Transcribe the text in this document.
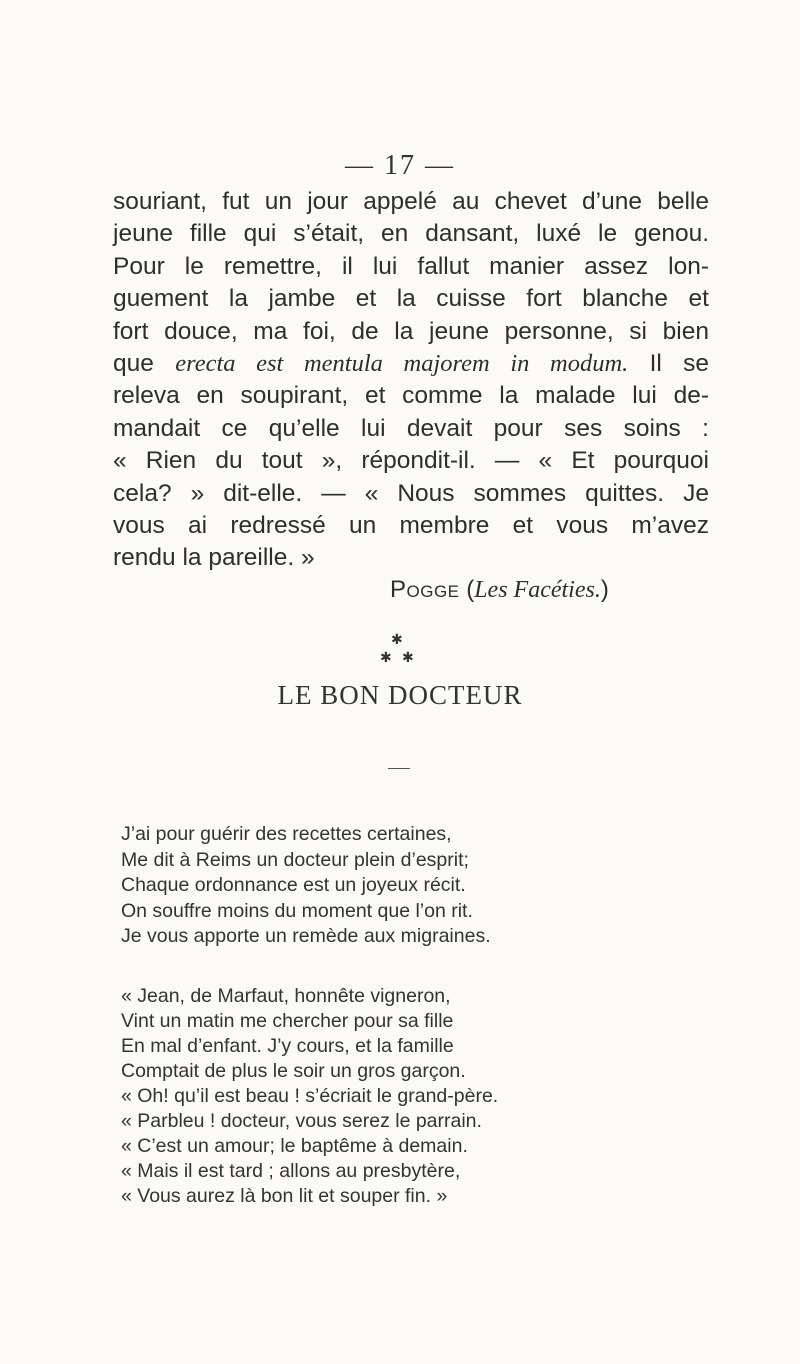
— 17 —
souriant, fut un jour appelé au chevet d’une belle
jeune fille qui s’était, en dansant, luxé le genou.
Pour le remettre, il lui fallut manier assez lon-
guement la jambe et la cuisse fort blanche et
fort douce, ma foi, de la jeune personne, si bien
que erecta est mentula majorem in modum. Il se
releva en soupirant, et comme la malade lui de-
mandait ce qu’elle lui devait pour ses soins :
« Rien du tout », répondit-il. — « Et pourquoi
cela? » dit-elle. — « Nous sommes quittes. Je
vous ai redressé un membre et vous m’avez
rendu la pareille. »
Pogge (Les Facéties.)
✱
✱ ✱
LE BON DOCTEUR
J’ai pour guérir des recettes certaines,
Me dit à Reims un docteur plein d’esprit;
Chaque ordonnance est un joyeux récit.
On souffre moins du moment que l’on rit.
Je vous apporte un remède aux migraines.
« Jean, de Marfaut, honnête vigneron,
Vint un matin me chercher pour sa fille
En mal d’enfant. J’y cours, et la famille
Comptait de plus le soir un gros garçon.
« Oh! qu’il est beau ! s’écriait le grand-père.
« Parbleu ! docteur, vous serez le parrain.
« C’est un amour; le baptême à demain.
« Mais il est tard ; allons au presbytère,
« Vous aurez là bon lit et souper fin. »
